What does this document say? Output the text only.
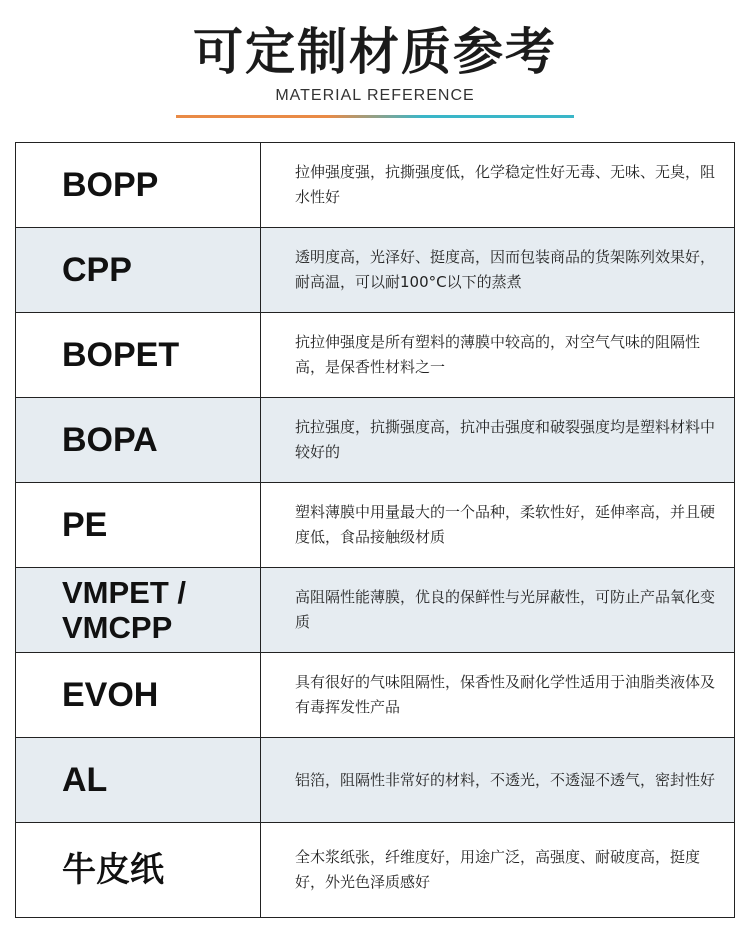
可定制材质参考
MATERIAL REFERENCE
BOPP	拉伸强度强，抗撕强度低，化学稳定性好无毒、无味、无臭，阻水性好
CPP	透明度高，光泽好、挺度高，因而包装商品的货架陈列效果好，耐高温，可以耐100°C以下的蒸煮
BOPET	抗拉伸强度是所有塑料的薄膜中较高的，对空气气味的阻隔性高，是保香性材料之一
BOPA	抗拉强度，抗撕强度高，抗冲击强度和破裂强度均是塑料材料中较好的
PE	塑料薄膜中用量最大的一个品种，柔软性好，延伸率高，并且硬度低，食品接触级材质
VMPET / VMCPP	高阻隔性能薄膜，优良的保鲜性与光屏蔽性，可防止产品氧化变质
EVOH	具有很好的气味阻隔性，保香性及耐化学性适用于油脂类液体及有毒挥发性产品
AL	铝箔，阻隔性非常好的材料，不透光，不透湿不透气，密封性好
牛皮纸	全木浆纸张，纤维度好，用途广泛，高强度、耐破度高，挺度好，外光色泽质感好
